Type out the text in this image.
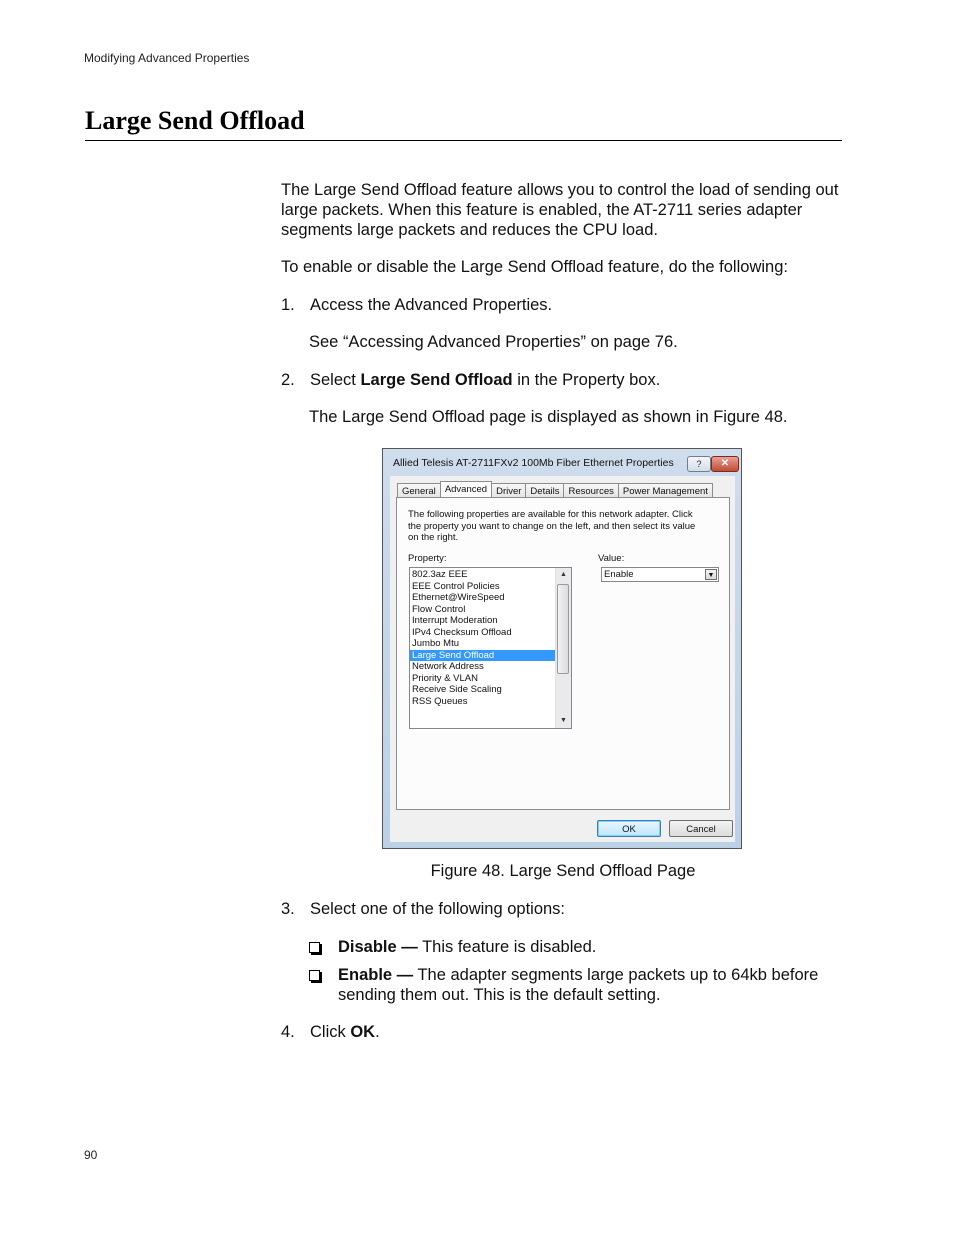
Modifying Advanced Properties
Large Send Offload
The Large Send Offload feature allows you to control the load of sending out large packets. When this feature is enabled, the AT-2711 series adapter segments large packets and reduces the CPU load.
To enable or disable the Large Send Offload feature, do the following:
1. Access the Advanced Properties.
See “Accessing Advanced Properties” on page 76.
2. Select Large Send Offload in the Property box.
The Large Send Offload page is displayed as shown in Figure 48.
Allied Telesis AT-2711FXv2 100Mb Fiber Ethernet Properties	?	✕
General Advanced Driver Details Resources Power Management
The following properties are available for this network adapter. Click the property you want to change on the left, and then select its value on the right.
Property:	Value:
802.3az EEE
EEE Control Policies
Ethernet@WireSpeed
Flow Control
Interrupt Moderation
IPv4 Checksum Offload
Jumbo Mtu
Large Send Offload
Network Address
Priority & VLAN
Receive Side Scaling
RSS Queues
▲
▼
Enable	▼
OK	Cancel
Figure 48. Large Send Offload Page
3. Select one of the following options:
Disable — This feature is disabled.
Enable — The adapter segments large packets up to 64kb before sending them out. This is the default setting.
4. Click OK.
90
